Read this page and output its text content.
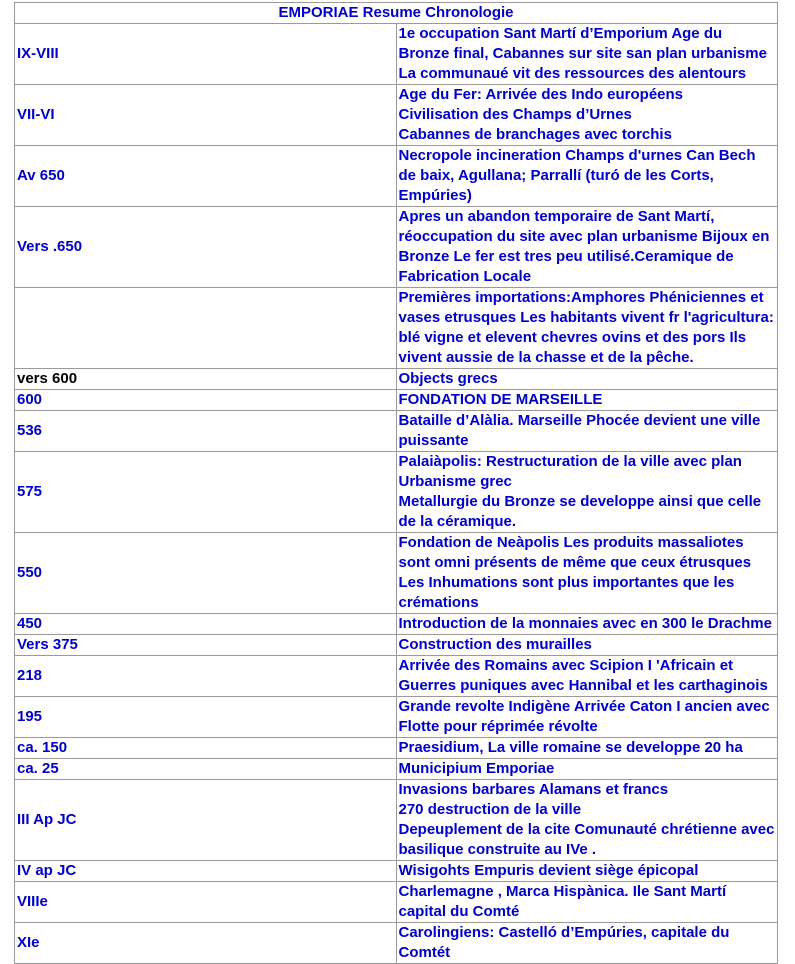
EMPORIAE Resume Chronologie	
IX-VIII	1e occupation Sant Martí d’Emporium Age du Bronze final, Cabannes sur site san plan urbanisme
La communaué vit des ressources des alentours

VII-VI	Age du Fer: Arrivée des Indo européens
Civilisation des Champs d’Urnes
Cabannes de branchages avec torchis

Av 650	Necropole incineration Champs d'urnes Can Bech de baix, Agullana; Parrallí (turó de les Corts, Empúries)

Vers .650	Apres un abandon temporaire de Sant Martí, réoccupation du site avec plan urbanisme Bijoux en Bronze Le fer est tres peu utilisé.Ceramique de Fabrication Locale

	Premières importations:Amphores Phéniciennes et vases etrusques Les habitants vivent fr l'agricultura: blé vigne et elevent chevres ovins et des pors Ils vivent aussie de la chasse et de la pêche.

vers 600	Objects grecs

600	FONDATION DE MARSEILLE

536	Bataille d’Alàlia. Marseille Phocée devient une ville puissante

575	Palaiàpolis: Restructuration de la ville avec plan Urbanisme grec
Metallurgie du Bronze se developpe ainsi que celle de la céramique.

550	Fondation de Neàpolis Les produits massaliotes sont omni présents de même que ceux étrusques Les Inhumations sont plus importantes que les crémations

450	Introduction de la monnaies avec en 300 le Drachme

Vers 375	Construction des murailles

218	Arrivée des Romains avec Scipion I 'Africain et Guerres puniques avec Hannibal et les carthaginois

195	Grande revolte Indigène Arrivée Caton I ancien avec Flotte pour réprimée révolte

ca. 150	Praesidium, La ville romaine se developpe 20 ha

ca. 25	Municipium Emporiae

III Ap JC	Invasions barbares Alamans et francs
270 destruction de la ville
Depeuplement de la cite Comunauté chrétienne avec basilique construite au IVe .

IV ap JC	Wisigohts Empuris devient siège épicopal

VIIIe	Charlemagne , Marca Hispànica. Ile Sant Martí capital du Comté

XIe	Carolingiens: Castelló d’Empúries, capitale du Comtét
